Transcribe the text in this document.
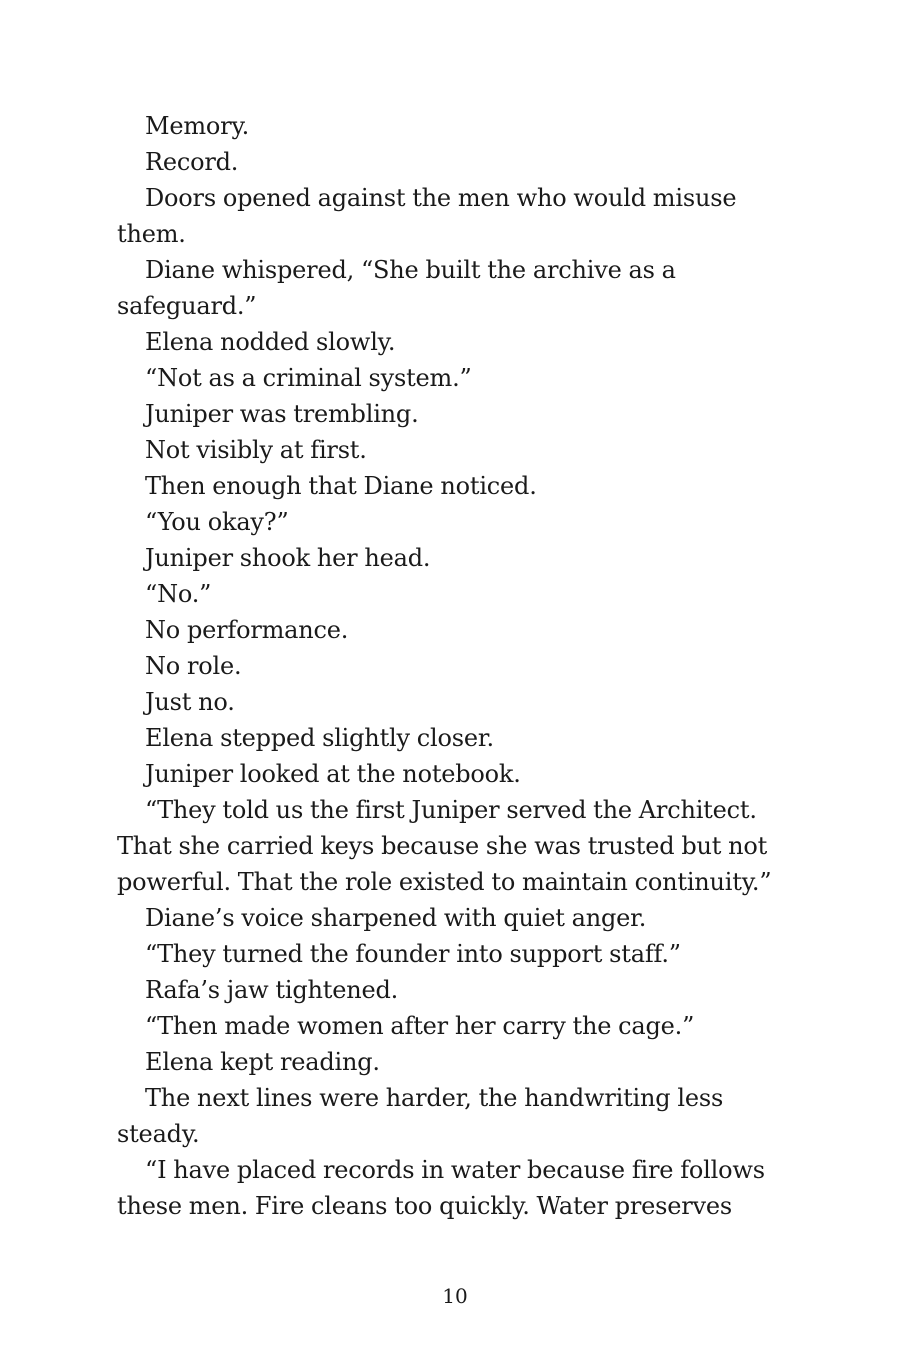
Memory.

Record.

Doors opened against the men who would misuse them.

Diane whispered, “She built the archive as a safeguard.”

Elena nodded slowly.

“Not as a criminal system.”

Juniper was trembling.

Not visibly at first.

Then enough that Diane noticed.

“You okay?”

Juniper shook her head.

“No.”

No performance.

No role.

Just no.

Elena stepped slightly closer.

Juniper looked at the notebook.

“They told us the first Juniper served the Architect. That she carried keys because she was trusted but not powerful. That the role existed to maintain continuity.”

Diane’s voice sharpened with quiet anger.

“They turned the founder into support staff.”

Rafa’s jaw tightened.

“Then made women after her carry the cage.”

Elena kept reading.

The next lines were harder, the handwriting less steady.

“I have placed records in water because fire follows these men. Fire cleans too quickly. Water preserves

10
